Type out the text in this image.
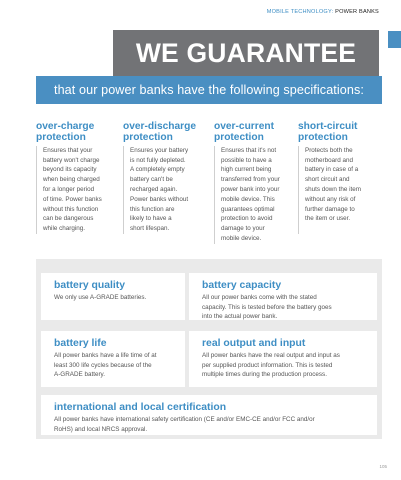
MOBILE TECHNOLOGY: POWER BANKS
WE GUARANTEE
that our power banks have the following specifications:
over-charge
protection
Ensures that your
battery won't charge
beyond its capacity
when being charged
for a longer period
of time. Power banks
without this function
can be dangerous
while charging.
over-discharge
protection
Ensures your battery
is not fully depleted.
A completely empty
battery can't be
recharged again.
Power banks without
this function are
likely to have a
short lifespan.
over-current
protection
Ensures that it's not
possible to have a
high current being
transferred from your
power bank into your
mobile device. This
guarantees optimal
protection to avoid
damage to your
mobile device.
short-circuit
protection
Protects both the
motherboard and
battery in case of a
short circuit and
shuts down the item
without any risk of
further damage to
the item or user.
battery quality
We only use A-GRADE batteries.
battery capacity
All our power banks come with the stated
capacity. This is tested before the battery goes
into the actual power bank.
battery life
All power banks have a life time of at
least 300 life cycles because of the
A-GRADE battery.
real output and input
All power banks have the real output and input as
per supplied product information. This is tested
multiple times during the production process.
international and local certification
All power banks have international safety certification (CE and/or EMC-CE and/or FCC and/or
RoHS) and local NRCS approval.
105
